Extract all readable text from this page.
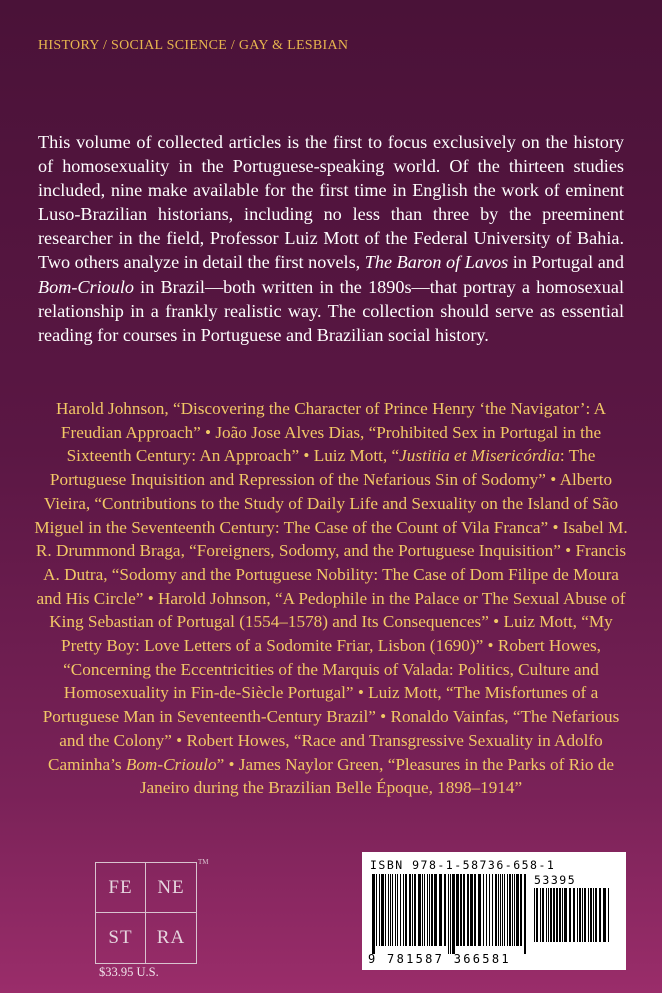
HISTORY / SOCIAL SCIENCE / GAY & LESBIAN

This volume of collected articles is the first to focus exclusively on the history of homosexuality in the Portuguese-speaking world. Of the thirteen studies included, nine make available for the first time in English the work of eminent Luso-Brazilian historians, including no less than three by the preeminent researcher in the field, Professor Luiz Mott of the Federal University of Bahia. Two others analyze in detail the first novels, The Baron of Lavos in Portugal and Bom-Crioulo in Brazil—both written in the 1890s—that portray a homosexual relationship in a frankly realistic way. The collection should serve as essential reading for courses in Portuguese and Brazilian social history.

Harold Johnson, “Discovering the Character of Prince Henry ‘the Navigator’: A Freudian Approach” • João Jose Alves Dias, “Prohibited Sex in Portugal in the Sixteenth Century: An Approach” • Luiz Mott, “Justitia et Misericórdia: The Portuguese Inquisition and Repression of the Nefarious Sin of Sodomy” • Alberto Vieira, “Contributions to the Study of Daily Life and Sexuality on the Island of São Miguel in the Seventeenth Century: The Case of the Count of Vila Franca” • Isabel M. R. Drummond Braga, “Foreigners, Sodomy, and the Portuguese Inquisition” • Francis A. Dutra, “Sodomy and the Portuguese Nobility: The Case of Dom Filipe de Moura and His Circle” • Harold Johnson, “A Pedophile in the Palace or The Sexual Abuse of King Sebastian of Portugal (1554–1578) and Its Consequences” • Luiz Mott, “My Pretty Boy: Love Letters of a Sodomite Friar, Lisbon (1690)” • Robert Howes, “Concerning the Eccentricities of the Marquis of Valada: Politics, Culture and Homosexuality in Fin-de-Siècle Portugal” • Luiz Mott, “The Misfortunes of a Portuguese Man in Seventeenth-Century Brazil” • Ronaldo Vainfas, “The Nefarious and the Colony” • Robert Howes, “Race and Transgressive Sexuality in Adolfo Caminha’s Bom-Crioulo” • James Naylor Green, “Pleasures in the Parks of Rio de Janeiro during the Brazilian Belle Époque, 1898–1914”

FE	NE
ST	RA
TM
$33.95 U.S.
ISBN 978-1-58736-658-1
53395
9 781587 366581
